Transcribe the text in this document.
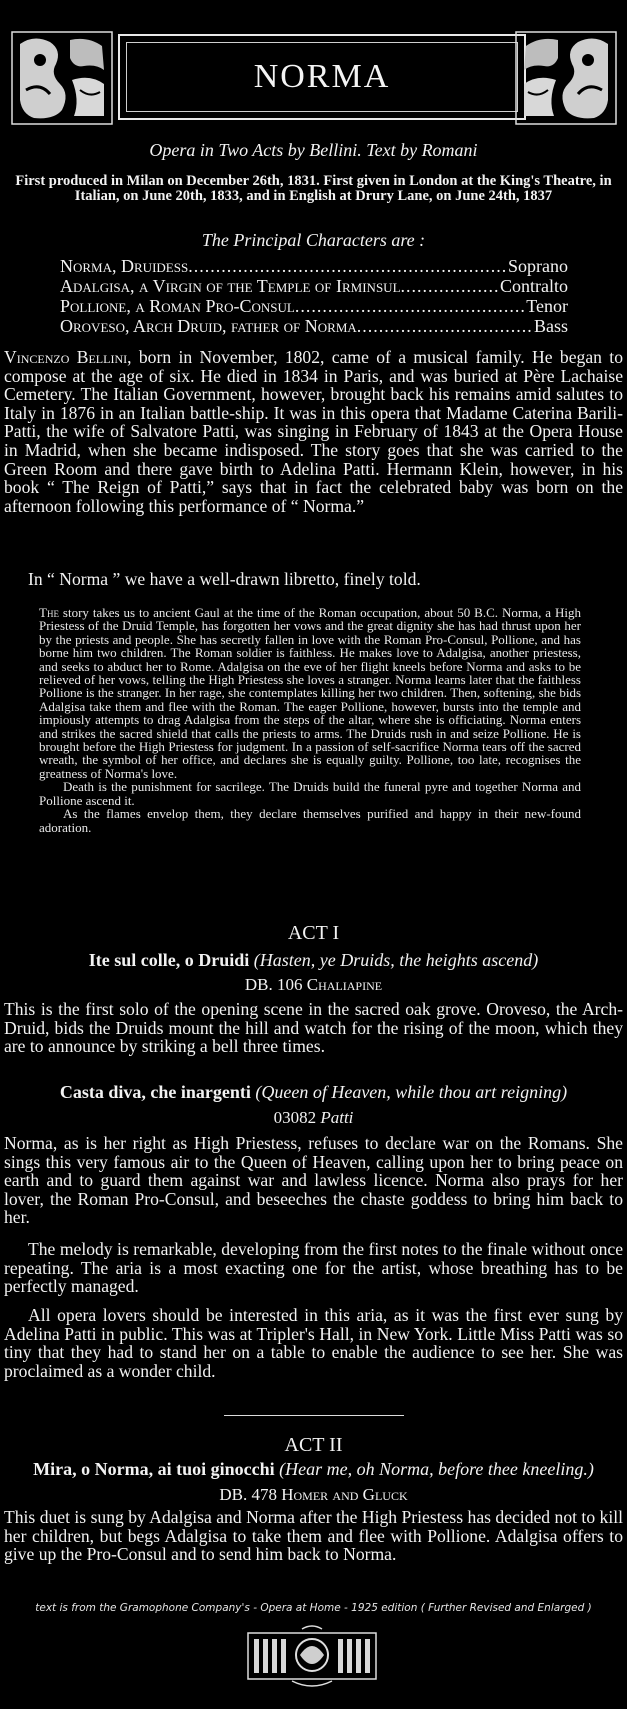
NORMA
Opera in Two Acts by Bellini. Text by Romani
First produced in Milan on December 26th, 1831. First given in London at the King's Theatre, in Italian, on June 20th, 1833, and in English at Drury Lane, on June 24th, 1837
The Principal Characters are :
Norma, Druidess .....	Soprano
Adalgisa, a Virgin of the Temple of Irminsul .....	Contralto
Pollione, a Roman Pro-Consul .....	Tenor
Oroveso, Arch Druid, father of Norma .....	Bass
Vincenzo Bellini, born in November, 1802, came of a musical family. He began to compose at the age of six. He died in 1834 in Paris, and was buried at Père Lachaise Cemetery. The Italian Government, however, brought back his remains amid salutes to Italy in 1876 in an Italian battle-ship. It was in this opera that Madame Caterina Barili-Patti, the wife of Salvatore Patti, was singing in February of 1843 at the Opera House in Madrid, when she became indisposed. The story goes that she was carried to the Green Room and there gave birth to Adelina Patti. Hermann Klein, however, in his book “ The Reign of Patti,” says that in fact the celebrated baby was born on the afternoon following this performance of “ Norma.”
In “ Norma ” we have a well-drawn libretto, finely told.
The story takes us to ancient Gaul at the time of the Roman occupation, about 50 B.C. Norma, a High Priestess of the Druid Temple, has forgotten her vows and the great dignity she has had thrust upon her by the priests and people. She has secretly fallen in love with the Roman Pro-Consul, Pollione, and has borne him two children. The Roman soldier is faithless. He makes love to Adalgisa, another priestess, and seeks to abduct her to Rome. Adalgisa on the eve of her flight kneels before Norma and asks to be relieved of her vows, telling the High Priestess she loves a stranger. Norma learns later that the faithless Pollione is the stranger. In her rage, she contemplates killing her two children. Then, softening, she bids Adalgisa take them and flee with the Roman. The eager Pollione, however, bursts into the temple and impiously attempts to drag Adalgisa from the steps of the altar, where she is officiating. Norma enters and strikes the sacred shield that calls the priests to arms. The Druids rush in and seize Pollione. He is brought before the High Priestess for judgment. In a passion of self-sacrifice Norma tears off the sacred wreath, the symbol of her office, and declares she is equally guilty. Pollione, too late, recognises the greatness of Norma's love.
Death is the punishment for sacrilege. The Druids build the funeral pyre and together Norma and Pollione ascend it.
As the flames envelop them, they declare themselves purified and happy in their new-found adoration.
ACT I
Ite sul colle, o Druidi (Hasten, ye Druids, the heights ascend)
DB. 106 Chaliapine
This is the first solo of the opening scene in the sacred oak grove. Oroveso, the Arch-Druid, bids the Druids mount the hill and watch for the rising of the moon, which they are to announce by striking a bell three times.
Casta diva, che inargenti (Queen of Heaven, while thou art reigning)
03082 Patti
Norma, as is her right as High Priestess, refuses to declare war on the Romans. She sings this very famous air to the Queen of Heaven, calling upon her to bring peace on earth and to guard them against war and lawless licence. Norma also prays for her lover, the Roman Pro-Consul, and beseeches the chaste goddess to bring him back to her.
The melody is remarkable, developing from the first notes to the finale without once repeating. The aria is a most exacting one for the artist, whose breathing has to be perfectly managed.
All opera lovers should be interested in this aria, as it was the first ever sung by Adelina Patti in public. This was at Tripler's Hall, in New York. Little Miss Patti was so tiny that they had to stand her on a table to enable the audience to see her. She was proclaimed as a wonder child.
ACT II
Mira, o Norma, ai tuoi ginocchi (Hear me, oh Norma, before thee kneeling.)
DB. 478 Homer and Gluck
This duet is sung by Adalgisa and Norma after the High Priestess has decided not to kill her children, but begs Adalgisa to take them and flee with Pollione. Adalgisa offers to give up the Pro-Consul and to send him back to Norma.
text is from the Gramophone Company's - Opera at Home - 1925 edition ( Further Revised and Enlarged )
